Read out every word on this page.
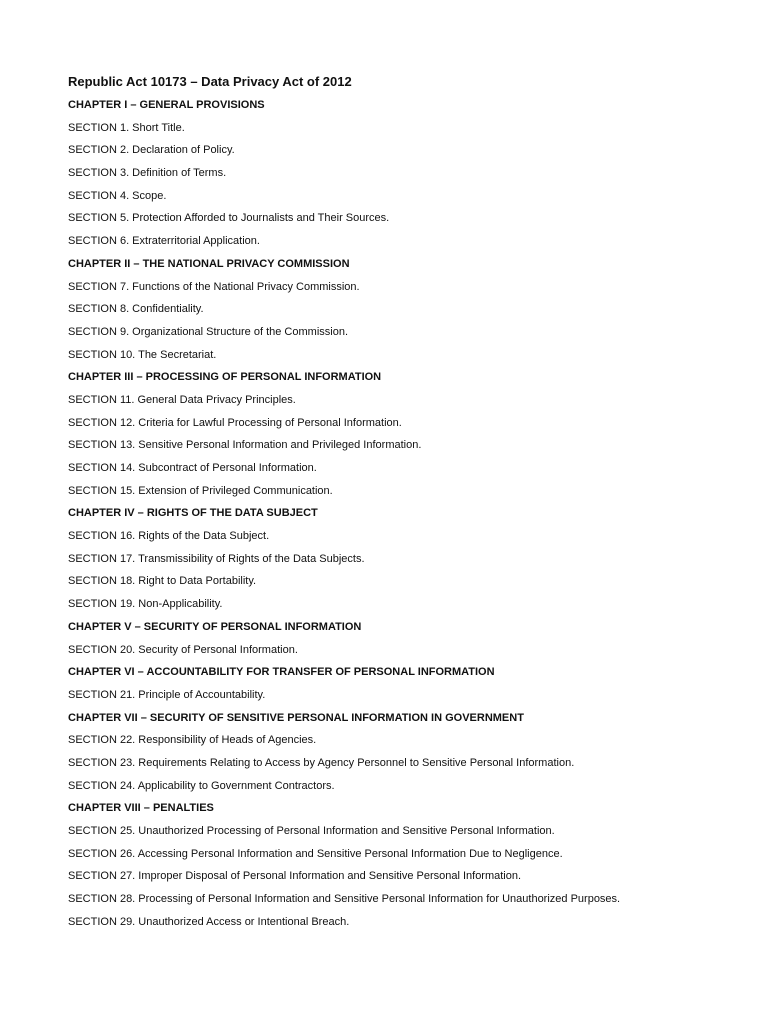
Republic Act 10173 – Data Privacy Act of 2012
CHAPTER I – GENERAL PROVISIONS
SECTION 1. Short Title.
SECTION 2. Declaration of Policy.
SECTION 3. Definition of Terms.
SECTION 4. Scope.
SECTION 5. Protection Afforded to Journalists and Their Sources.
SECTION 6. Extraterritorial Application.
CHAPTER II – THE NATIONAL PRIVACY COMMISSION
SECTION 7. Functions of the National Privacy Commission.
SECTION 8. Confidentiality.
SECTION 9. Organizational Structure of the Commission.
SECTION 10. The Secretariat.
CHAPTER III – PROCESSING OF PERSONAL INFORMATION
SECTION 11. General Data Privacy Principles.
SECTION 12. Criteria for Lawful Processing of Personal Information.
SECTION 13. Sensitive Personal Information and Privileged Information.
SECTION 14. Subcontract of Personal Information.
SECTION 15. Extension of Privileged Communication.
CHAPTER IV – RIGHTS OF THE DATA SUBJECT
SECTION 16. Rights of the Data Subject.
SECTION 17. Transmissibility of Rights of the Data Subjects.
SECTION 18. Right to Data Portability.
SECTION 19. Non-Applicability.
CHAPTER V – SECURITY OF PERSONAL INFORMATION
SECTION 20. Security of Personal Information.
CHAPTER VI – ACCOUNTABILITY FOR TRANSFER OF PERSONAL INFORMATION
SECTION 21. Principle of Accountability.
CHAPTER VII – SECURITY OF SENSITIVE PERSONAL INFORMATION IN GOVERNMENT
SECTION 22. Responsibility of Heads of Agencies.
SECTION 23. Requirements Relating to Access by Agency Personnel to Sensitive Personal Information.
SECTION 24. Applicability to Government Contractors.
CHAPTER VIII – PENALTIES
SECTION 25. Unauthorized Processing of Personal Information and Sensitive Personal Information.
SECTION 26. Accessing Personal Information and Sensitive Personal Information Due to Negligence.
SECTION 27. Improper Disposal of Personal Information and Sensitive Personal Information.
SECTION 28. Processing of Personal Information and Sensitive Personal Information for Unauthorized Purposes.
SECTION 29. Unauthorized Access or Intentional Breach.
